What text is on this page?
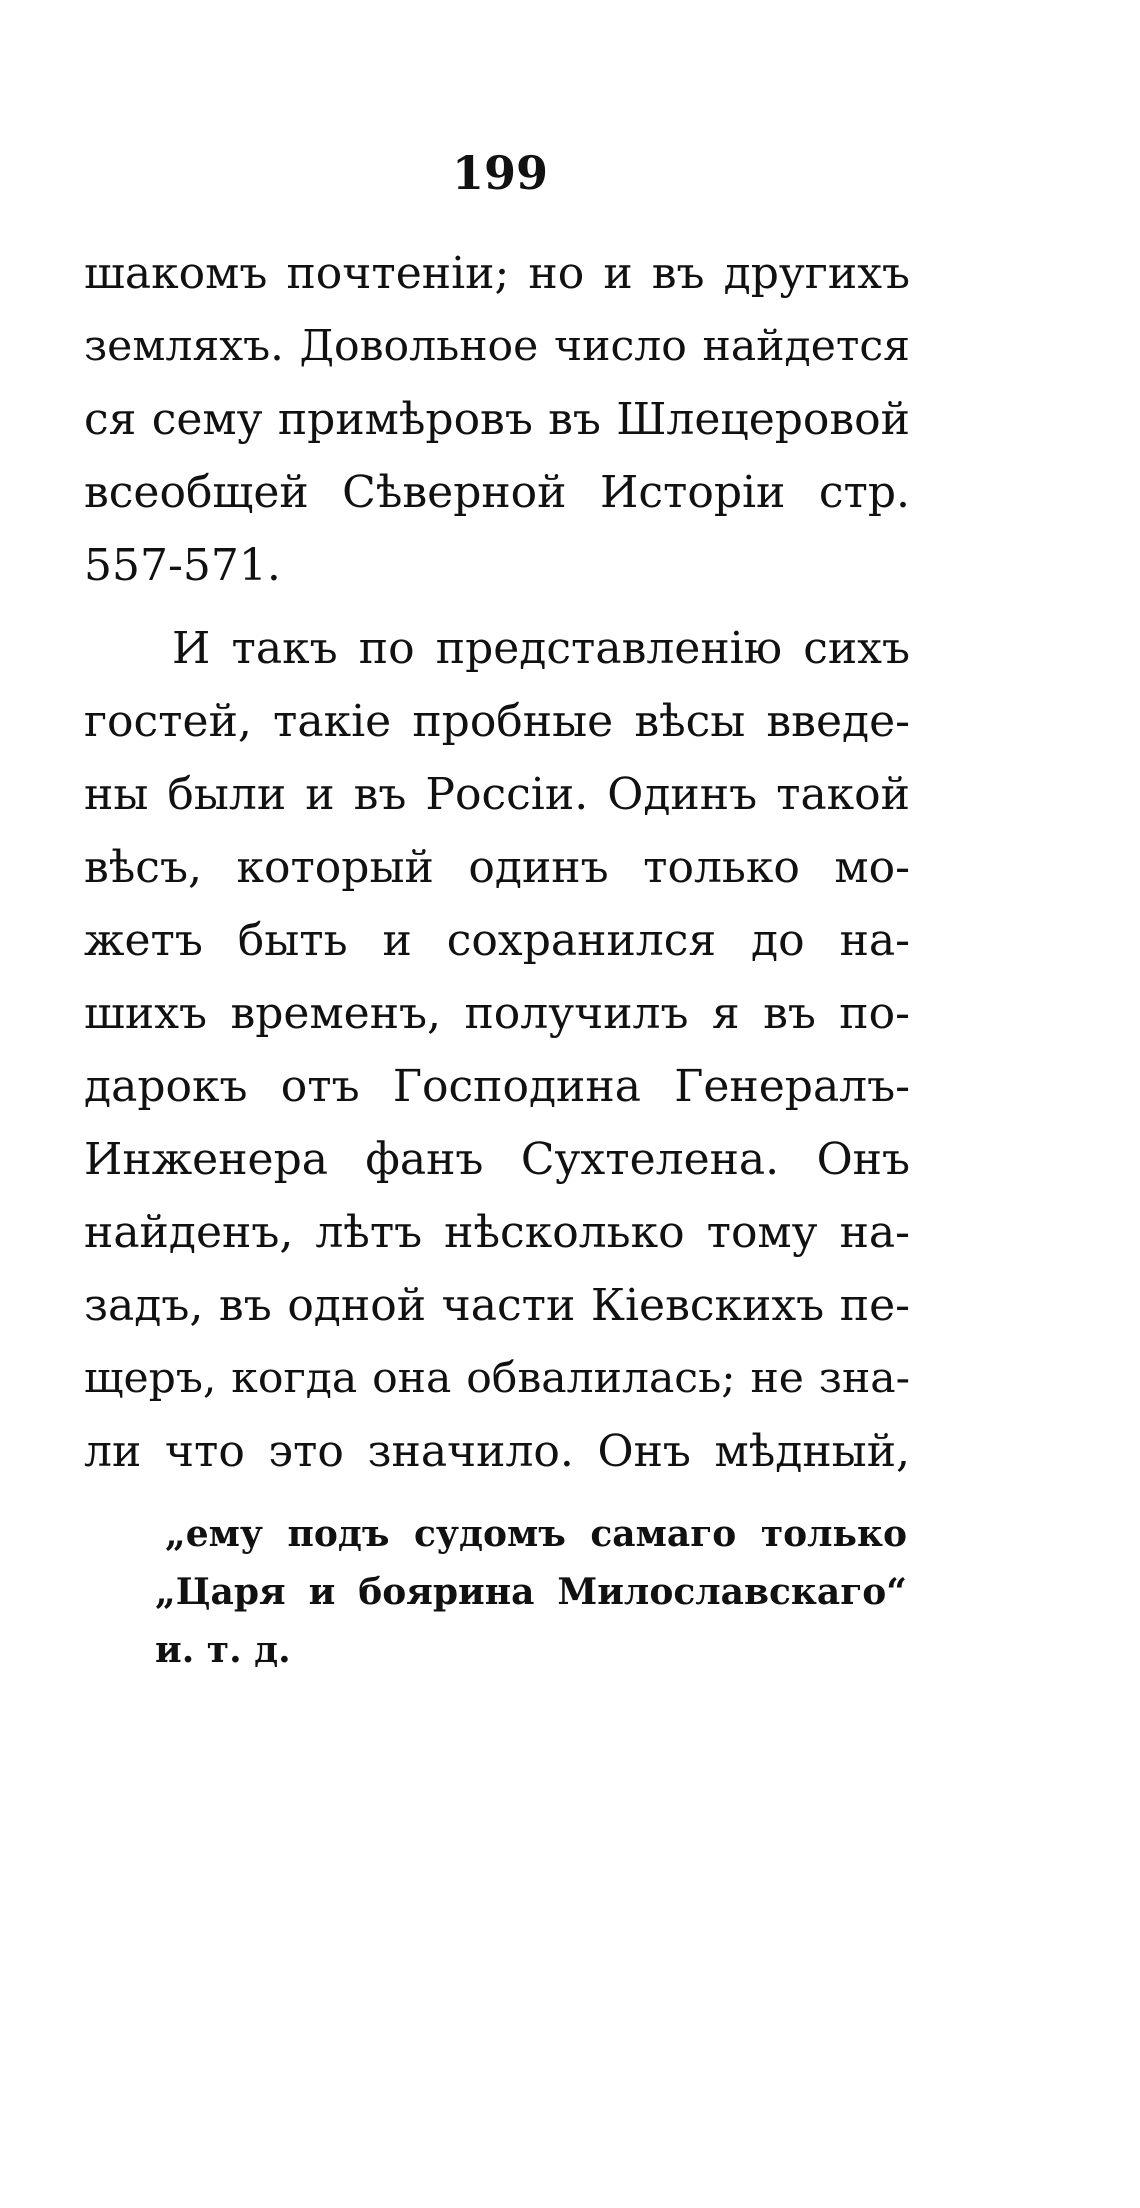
199
шакомъ почтенiи; но и въ другихъ
земляхъ. Довольное число найдется
ся сему примѣровъ въ Шлецеровой
всеобщей Сѣверной Исторiи стр.
557-571.
И такъ по представленiю сихъ
гостей, такiе пробные вѣсы введе-
ны были и въ Россiи. Одинъ такой
вѣсъ, который одинъ только мо-
жетъ быть и сохранился до на-
шихъ временъ, получилъ я въ по-
дарокъ отъ Господина Генералъ-
Инженера фанъ Сухтелена. Онъ
найденъ, лѣтъ нѣсколько тому на-
задъ, въ одной части Кiевскихъ пе-
щеръ, когда она обвалилась; не зна-
ли что это значило. Онъ мѣдный,
„ему подъ судомъ самаго только
„Царя и боярина Милославскаго“
и. т. д.
